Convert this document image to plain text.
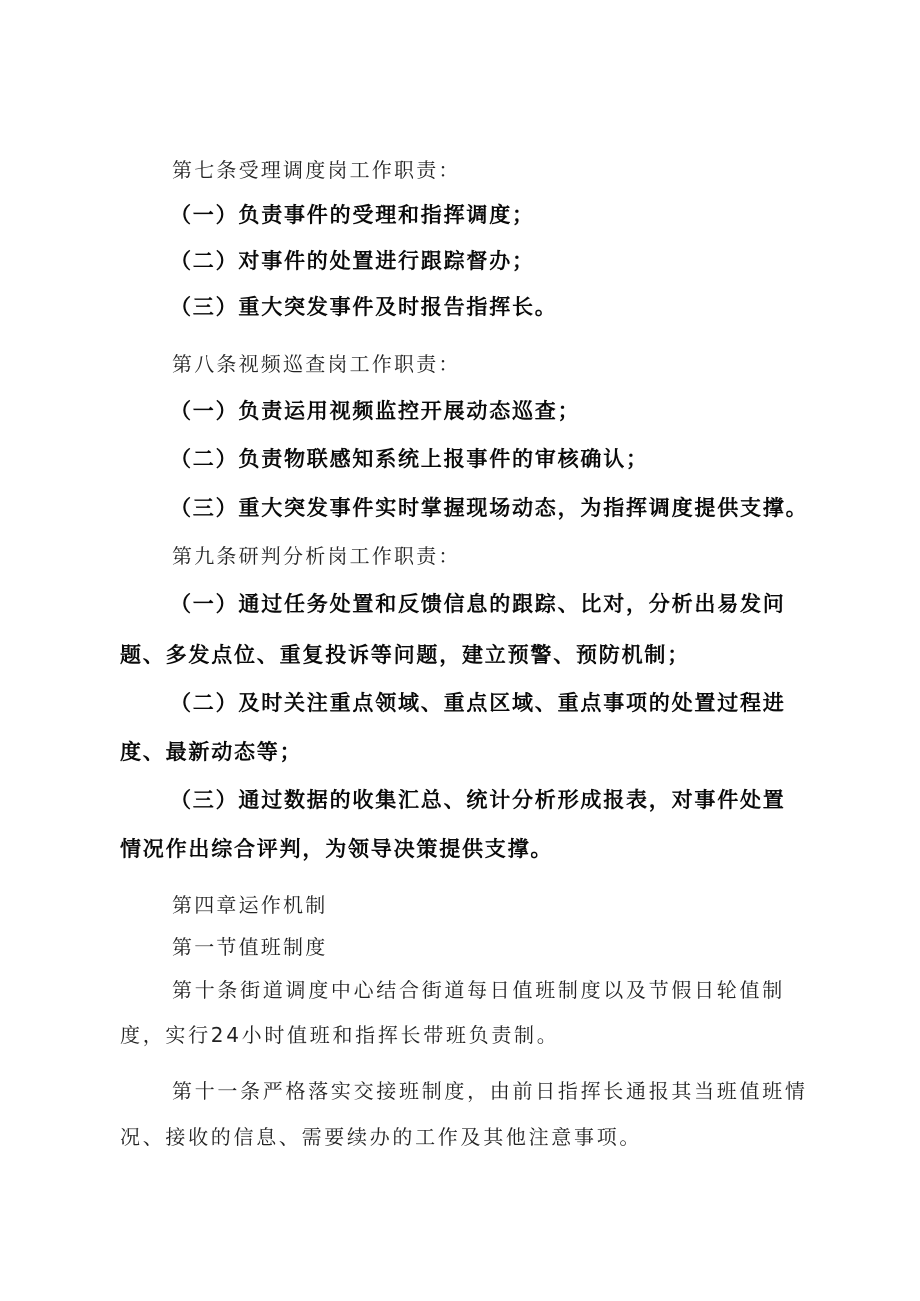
第七条受理调度岗工作职责：
（一）负责事件的受理和指挥调度；
（二）对事件的处置进行跟踪督办；
（三）重大突发事件及时报告指挥长。
第八条视频巡查岗工作职责：
（一）负责运用视频监控开展动态巡查；
（二）负责物联感知系统上报事件的审核确认；
（三）重大突发事件实时掌握现场动态，为指挥调度提供支撑。
第九条研判分析岗工作职责：
（一）通过任务处置和反馈信息的跟踪、比对，分析出易发问
题、多发点位、重复投诉等问题，建立预警、预防机制；
（二）及时关注重点领域、重点区域、重点事项的处置过程进
度、最新动态等；
（三）通过数据的收集汇总、统计分析形成报表，对事件处置
情况作出综合评判，为领导决策提供支撑。
第四章运作机制
第一节值班制度
第十条街道调度中心结合街道每日值班制度以及节假日轮值制
度，实行24小时值班和指挥长带班负责制。
第十一条严格落实交接班制度，由前日指挥长通报其当班值班情
况、接收的信息、需要续办的工作及其他注意事项。
